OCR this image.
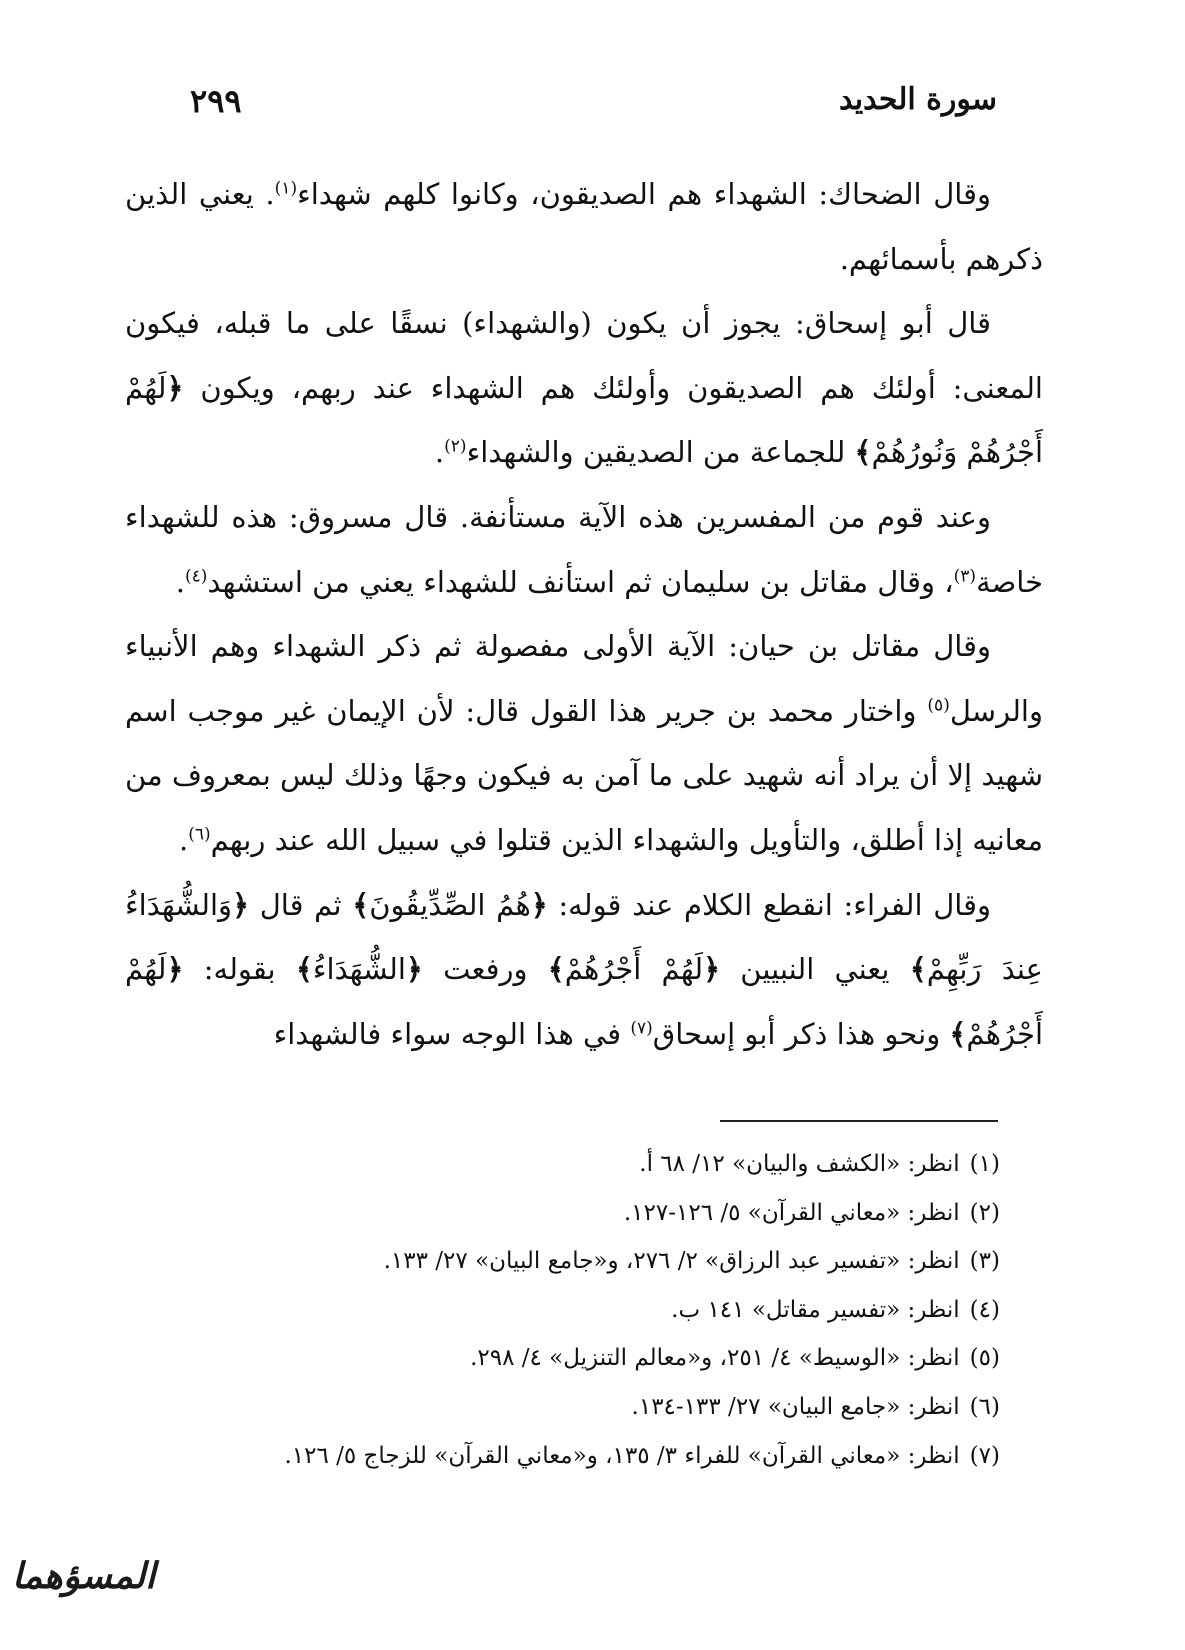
سورة الحديد
٢٩٩

وقال الضحاك: الشهداء هم الصديقون، وكانوا كلهم شهداء$^{(١)}$. يعني الذين ذكرهم بأسمائهم.

قال أبو إسحاق: يجوز أن يكون (والشهداء) نسقًا على ما قبله، فيكون المعنى: أولئك هم الصديقون وأولئك هم الشهداء عند ربهم، ويكون ﴿لَهُمْ أَجْرُهُمْ وَنُورُهُمْ﴾ للجماعة من الصديقين والشهداء$^{(٢)}$.

وعند قوم من المفسرين هذه الآية مستأنفة. قال مسروق: هذه للشهداء خاصة$^{(٣)}$، وقال مقاتل بن سليمان ثم استأنف للشهداء يعني من استشهد$^{(٤)}$.

وقال مقاتل بن حيان: الآية الأولى مفصولة ثم ذكر الشهداء وهم الأنبياء والرسل$^{(٥)}$ واختار محمد بن جرير هذا القول قال: لأن الإيمان غير موجب اسم شهيد إلا أن يراد أنه شهيد على ما آمن به فيكون وجهًا وذلك ليس بمعروف من معانيه إذا أطلق، والتأويل والشهداء الذين قتلوا في سبيل الله عند ربهم$^{(٦)}$.

وقال الفراء: انقطع الكلام عند قوله: ﴿هُمُ الصِّدِّيقُونَ﴾ ثم قال ﴿وَالشُّهَدَاءُ عِندَ رَبِّهِمْ﴾ يعني النبيين ﴿لَهُمْ أَجْرُهُمْ﴾ ورفعت ﴿الشُّهَدَاءُ﴾ بقوله: ﴿لَهُمْ أَجْرُهُمْ﴾ ونحو هذا ذكر أبو إسحاق$^{(٧)}$ في هذا الوجه سواء فالشهداء

(١)انظر: «الكشف والبيان» ١٢/ ٦٨ أ.
(٢)انظر: «معاني القرآن» ٥/ ١٢٦-١٢٧.
(٣)انظر: «تفسير عبد الرزاق» ٢/ ٢٧٦، و«جامع البيان» ٢٧/ ١٣٣.
(٤)انظر: «تفسير مقاتل» ١٤١ ب.
(٥)انظر: «الوسيط» ٤/ ٢٥١، و«معالم التنزيل» ٤/ ٢٩٨.
(٦)انظر: «جامع البيان» ٢٧/ ١٣٣-١٣٤.
(٧)انظر: «معاني القرآن» للفراء ٣/ ١٣٥، و«معاني القرآن» للزجاج ٥/ ١٢٦.
المسؤهما
